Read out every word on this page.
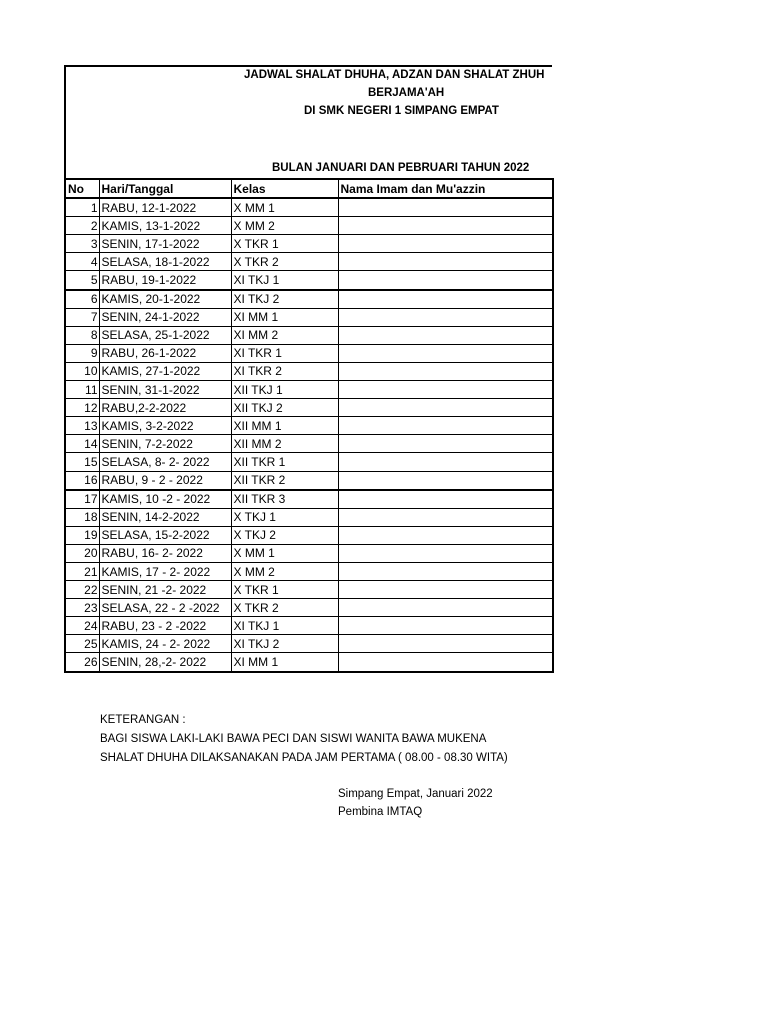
JADWAL SHALAT DHUHA, ADZAN DAN SHALAT ZHUH
BERJAMA'AH
DI SMK NEGERI 1 SIMPANG EMPAT
BULAN JANUARI DAN PEBRUARI TAHUN 2022
No	Hari/Tanggal	Kelas	Nama Imam dan Mu'azzin
1	RABU, 12-1-2022	X MM 1	
2	KAMIS, 13-1-2022	X MM 2	
3	SENIN, 17-1-2022	X TKR 1	
4	SELASA, 18-1-2022	X TKR 2	
5	RABU, 19-1-2022	XI TKJ 1	
6	KAMIS, 20-1-2022	XI TKJ 2	
7	SENIN, 24-1-2022	XI MM 1	
8	SELASA, 25-1-2022	XI MM 2	
9	RABU, 26-1-2022	XI TKR 1	
10	KAMIS, 27-1-2022	XI TKR 2	
11	SENIN, 31-1-2022	XII TKJ 1	
12	RABU,2-2-2022	XII TKJ 2	
13	KAMIS, 3-2-2022	XII MM 1	
14	SENIN, 7-2-2022	XII MM 2	
15	SELASA, 8- 2- 2022	XII TKR 1	
16	RABU, 9 - 2 - 2022	XII TKR 2	
17	KAMIS, 10 -2 - 2022	XII TKR 3	
18	SENIN, 14-2-2022	X TKJ 1	
19	SELASA, 15-2-2022	X TKJ 2	
20	RABU, 16- 2- 2022	X MM 1	
21	KAMIS, 17 - 2- 2022	X MM 2	
22	SENIN, 21 -2- 2022	X TKR 1	
23	SELASA, 22 - 2 -2022	X TKR 2	
24	RABU, 23 - 2 -2022	XI TKJ 1	
25	KAMIS, 24 - 2- 2022	XI TKJ 2	
26	SENIN, 28,-2- 2022	XI MM 1	
KETERANGAN :
BAGI SISWA LAKI-LAKI BAWA PECI DAN SISWI WANITA BAWA MUKENA
SHALAT DHUHA DILAKSANAKAN PADA JAM PERTAMA ( 08.00 - 08.30 WITA)
Simpang Empat, Januari 2022
Pembina IMTAQ
